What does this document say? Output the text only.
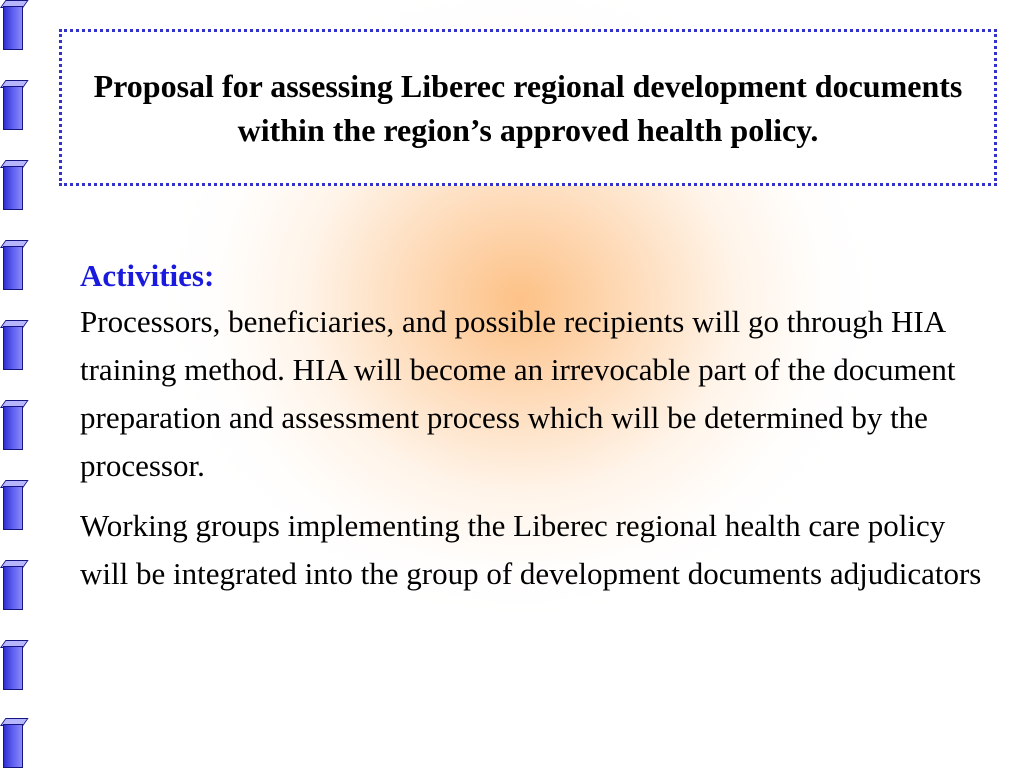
Proposal for assessing Liberec regional development documents within the region’s approved health policy.

Activities:

Processors, beneficiaries, and possible recipients will go through HIA training method. HIA will become an irrevocable part of the document preparation and assessment process which will be determined by the processor.

Working groups implementing the Liberec regional health care policy will be integrated into the group of development documents adjudicators
